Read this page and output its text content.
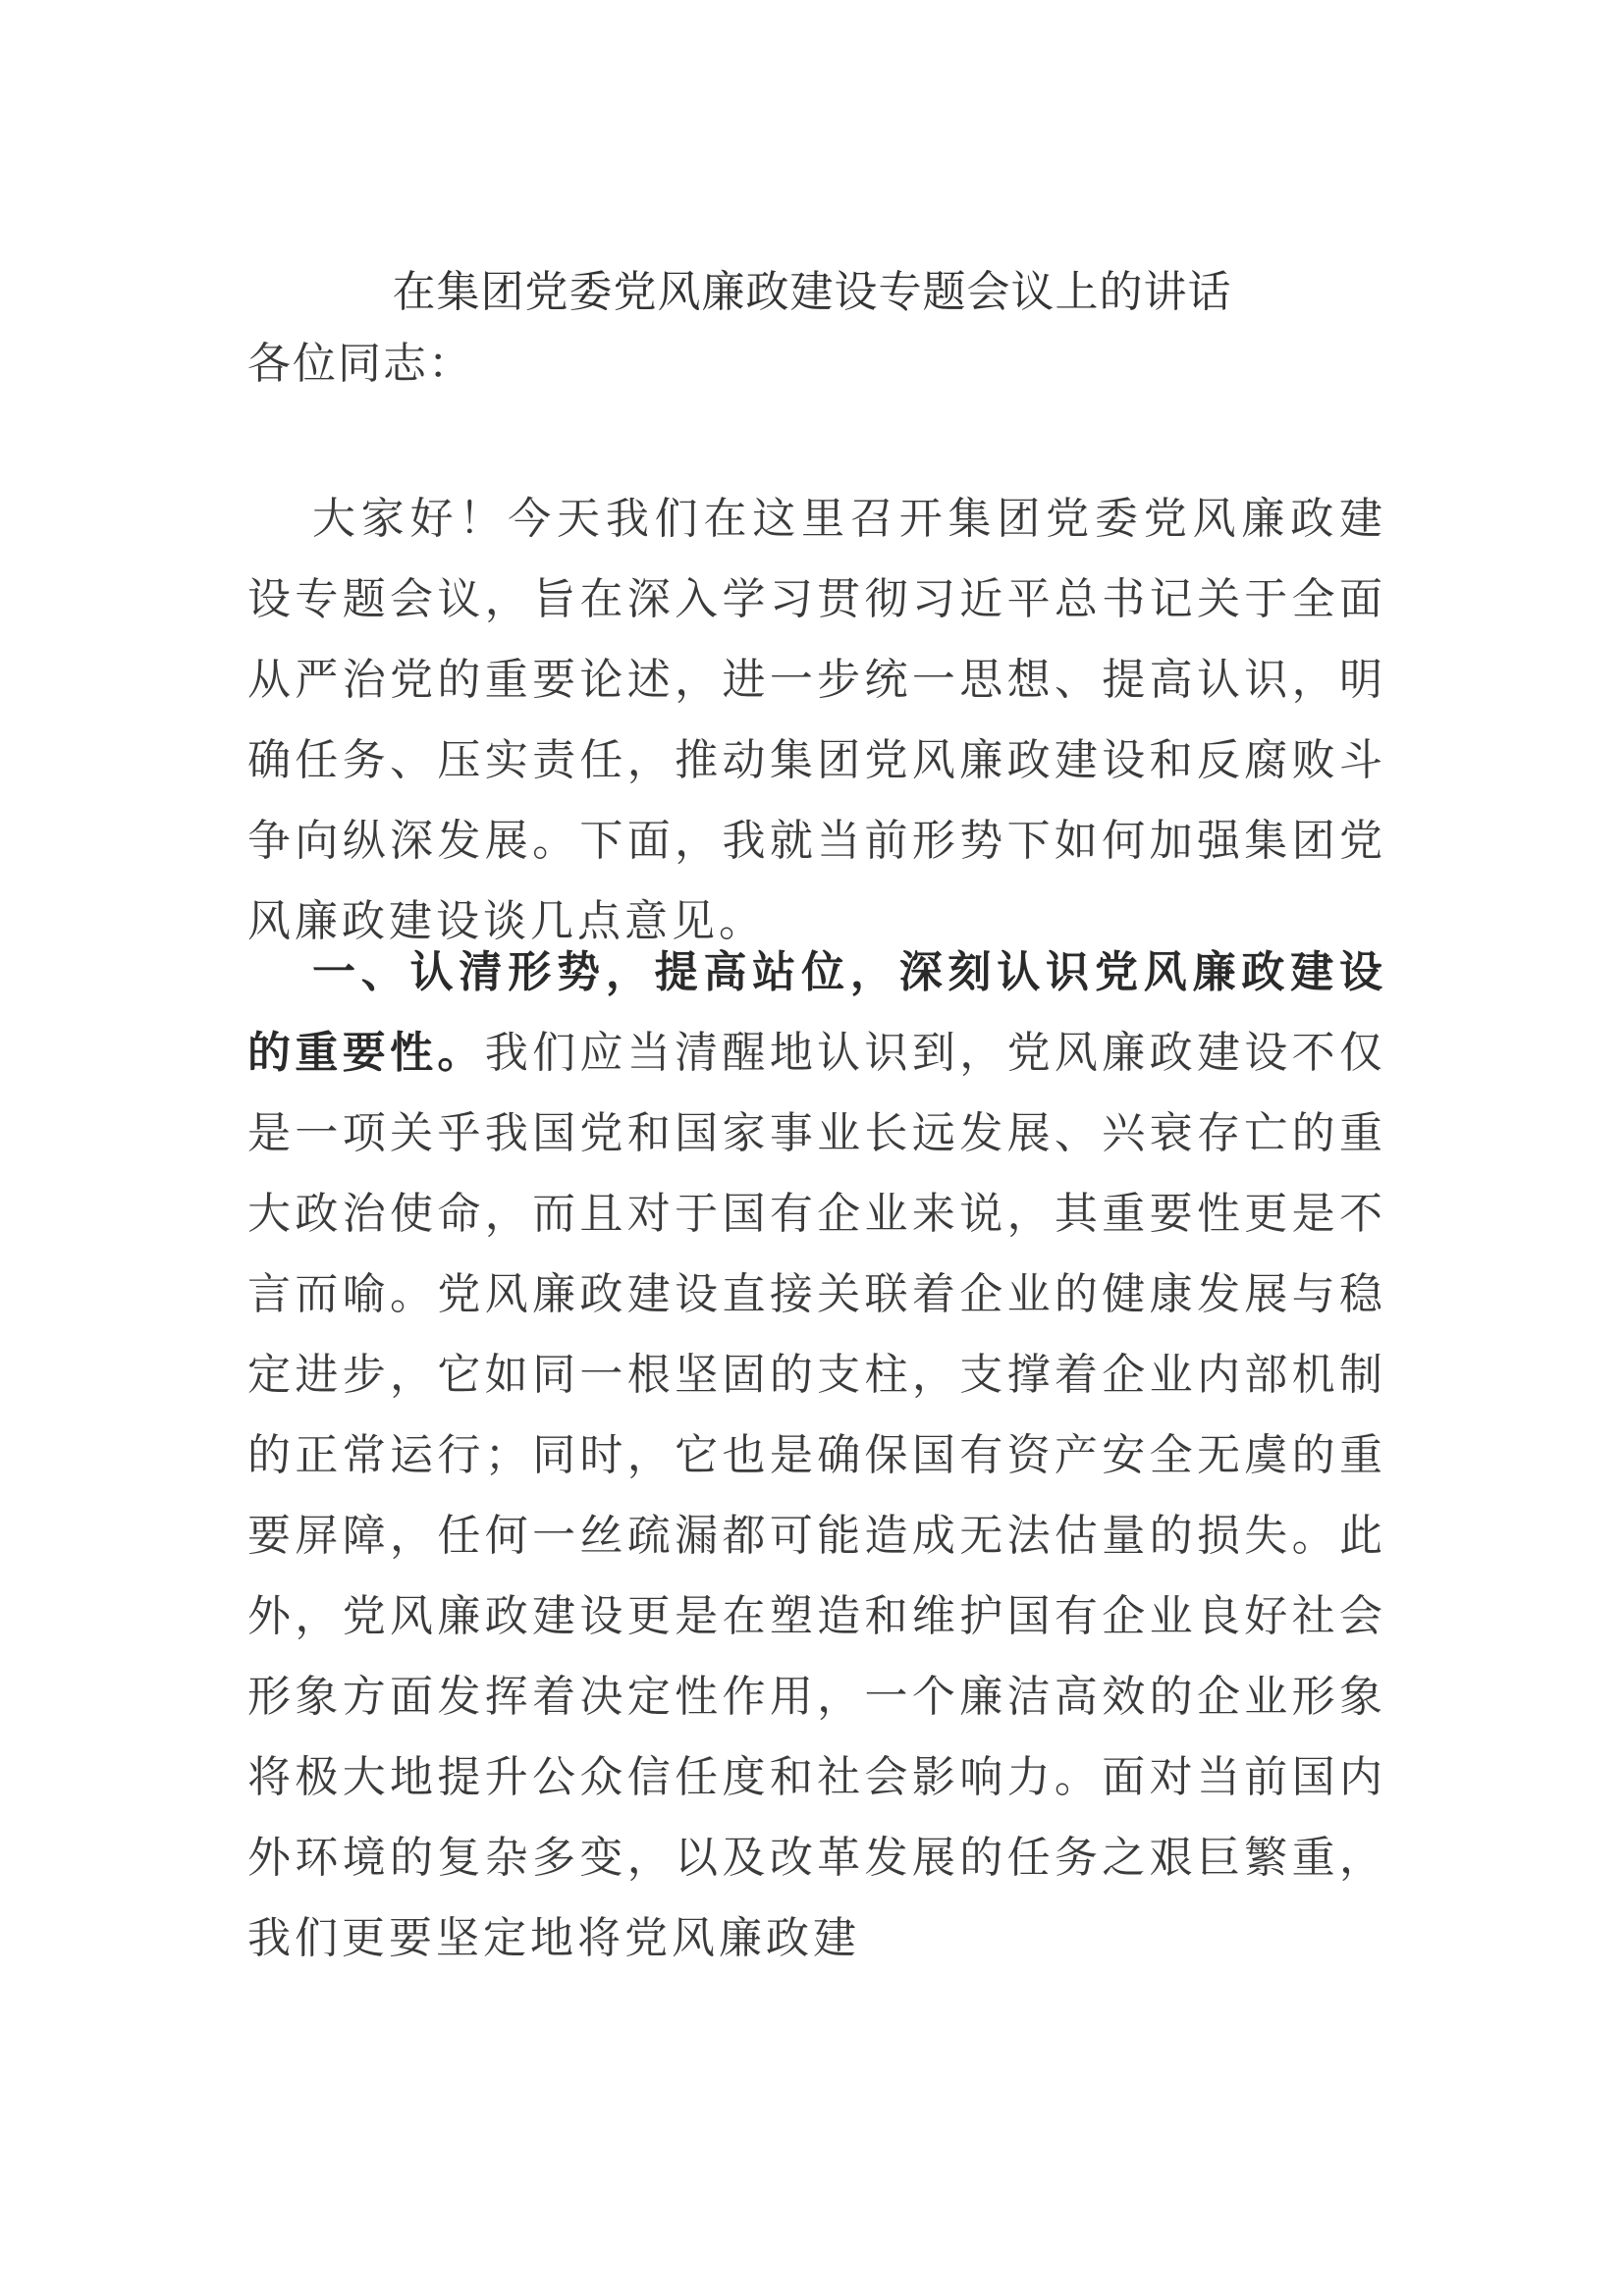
在集团党委党风廉政建设专题会议上的讲话

各位同志：

大家好！今天我们在这里召开集团党委党风廉政建设专题会议，旨在深入学习贯彻习近平总书记关于全面从严治党的重要论述，进一步统一思想、提高认识，明确任务、压实责任，推动集团党风廉政建设和反腐败斗争向纵深发展。下面，我就当前形势下如何加强集团党风廉政建设谈几点意见。

一、认清形势，提高站位，深刻认识党风廉政建设的重要性。我们应当清醒地认识到，党风廉政建设不仅是一项关乎我国党和国家事业长远发展、兴衰存亡的重大政治使命，而且对于国有企业来说，其重要性更是不言而喻。党风廉政建设直接关联着企业的健康发展与稳定进步，它如同一根坚固的支柱，支撑着企业内部机制的正常运行；同时，它也是确保国有资产安全无虞的重要屏障，任何一丝疏漏都可能造成无法估量的损失。此外，党风廉政建设更是在塑造和维护国有企业良好社会形象方面发挥着决定性作用，一个廉洁高效的企业形象将极大地提升公众信任度和社会影响力。面对当前国内外环境的复杂多变，以及改革发展的任务之艰巨繁重，我们更要坚定地将党风廉政建
